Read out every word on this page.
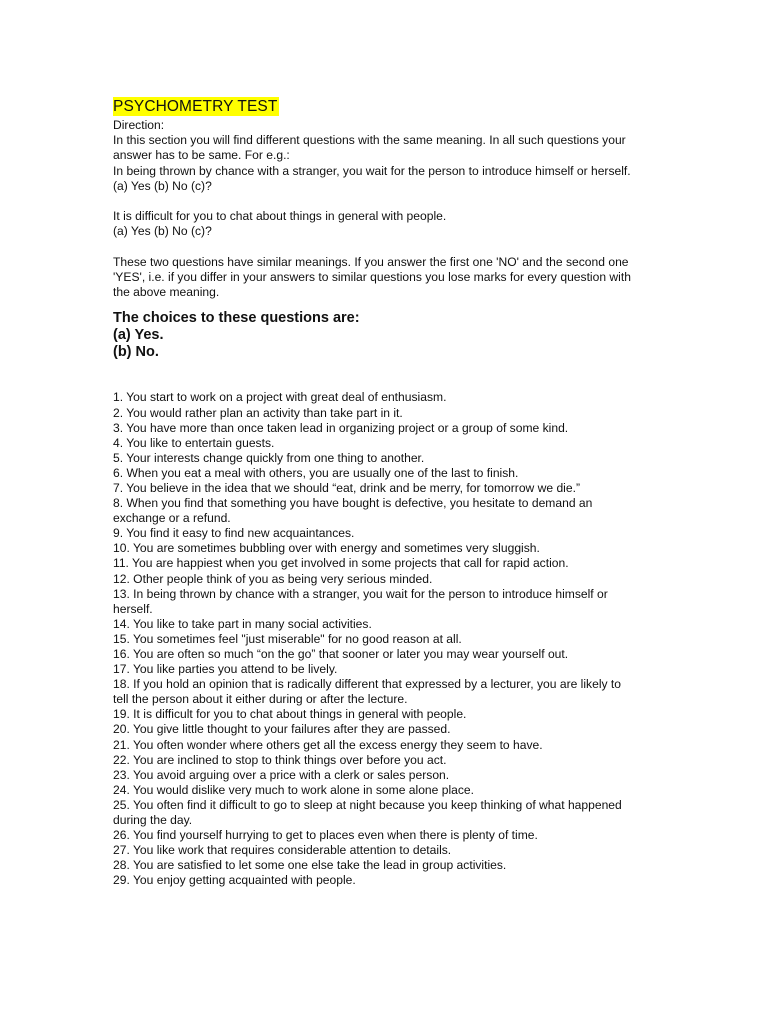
PSYCHOMETRY TEST
Direction:
In this section you will find different questions with the same meaning. In all such questions your
answer has to be same. For e.g.:
In being thrown by chance with a stranger, you wait for the person to introduce himself or herself.
(a) Yes (b) No (c)?
It is difficult for you to chat about things in general with people.
(a) Yes (b) No (c)?
These two questions have similar meanings. If you answer the first one 'NO' and the second one
'YES', i.e. if you differ in your answers to similar questions you lose marks for every question with
the above meaning.
The choices to these questions are:
(a) Yes.
(b) No.
1. You start to work on a project with great deal of enthusiasm.
2. You would rather plan an activity than take part in it.
3. You have more than once taken lead in organizing project or a group of some kind.
4. You like to entertain guests.
5. Your interests change quickly from one thing to another.
6. When you eat a meal with others, you are usually one of the last to finish.
7. You believe in the idea that we should “eat, drink and be merry, for tomorrow we die.”
8. When you find that something you have bought is defective, you hesitate to demand an
exchange or a refund.
9. You find it easy to find new acquaintances.
10. You are sometimes bubbling over with energy and sometimes very sluggish.
11. You are happiest when you get involved in some projects that call for rapid action.
12. Other people think of you as being very serious minded.
13. In being thrown by chance with a stranger, you wait for the person to introduce himself or
herself.
14. You like to take part in many social activities.
15. You sometimes feel "just miserable" for no good reason at all.
16. You are often so much “on the go” that sooner or later you may wear yourself out.
17. You like parties you attend to be lively.
18. If you hold an opinion that is radically different that expressed by a lecturer, you are likely to
tell the person about it either during or after the lecture.
19. It is difficult for you to chat about things in general with people.
20. You give little thought to your failures after they are passed.
21. You often wonder where others get all the excess energy they seem to have.
22. You are inclined to stop to think things over before you act.
23. You avoid arguing over a price with a clerk or sales person.
24. You would dislike very much to work alone in some alone place.
25. You often find it difficult to go to sleep at night because you keep thinking of what happened
during the day.
26. You find yourself hurrying to get to places even when there is plenty of time.
27. You like work that requires considerable attention to details.
28. You are satisfied to let some one else take the lead in group activities.
29. You enjoy getting acquainted with people.
